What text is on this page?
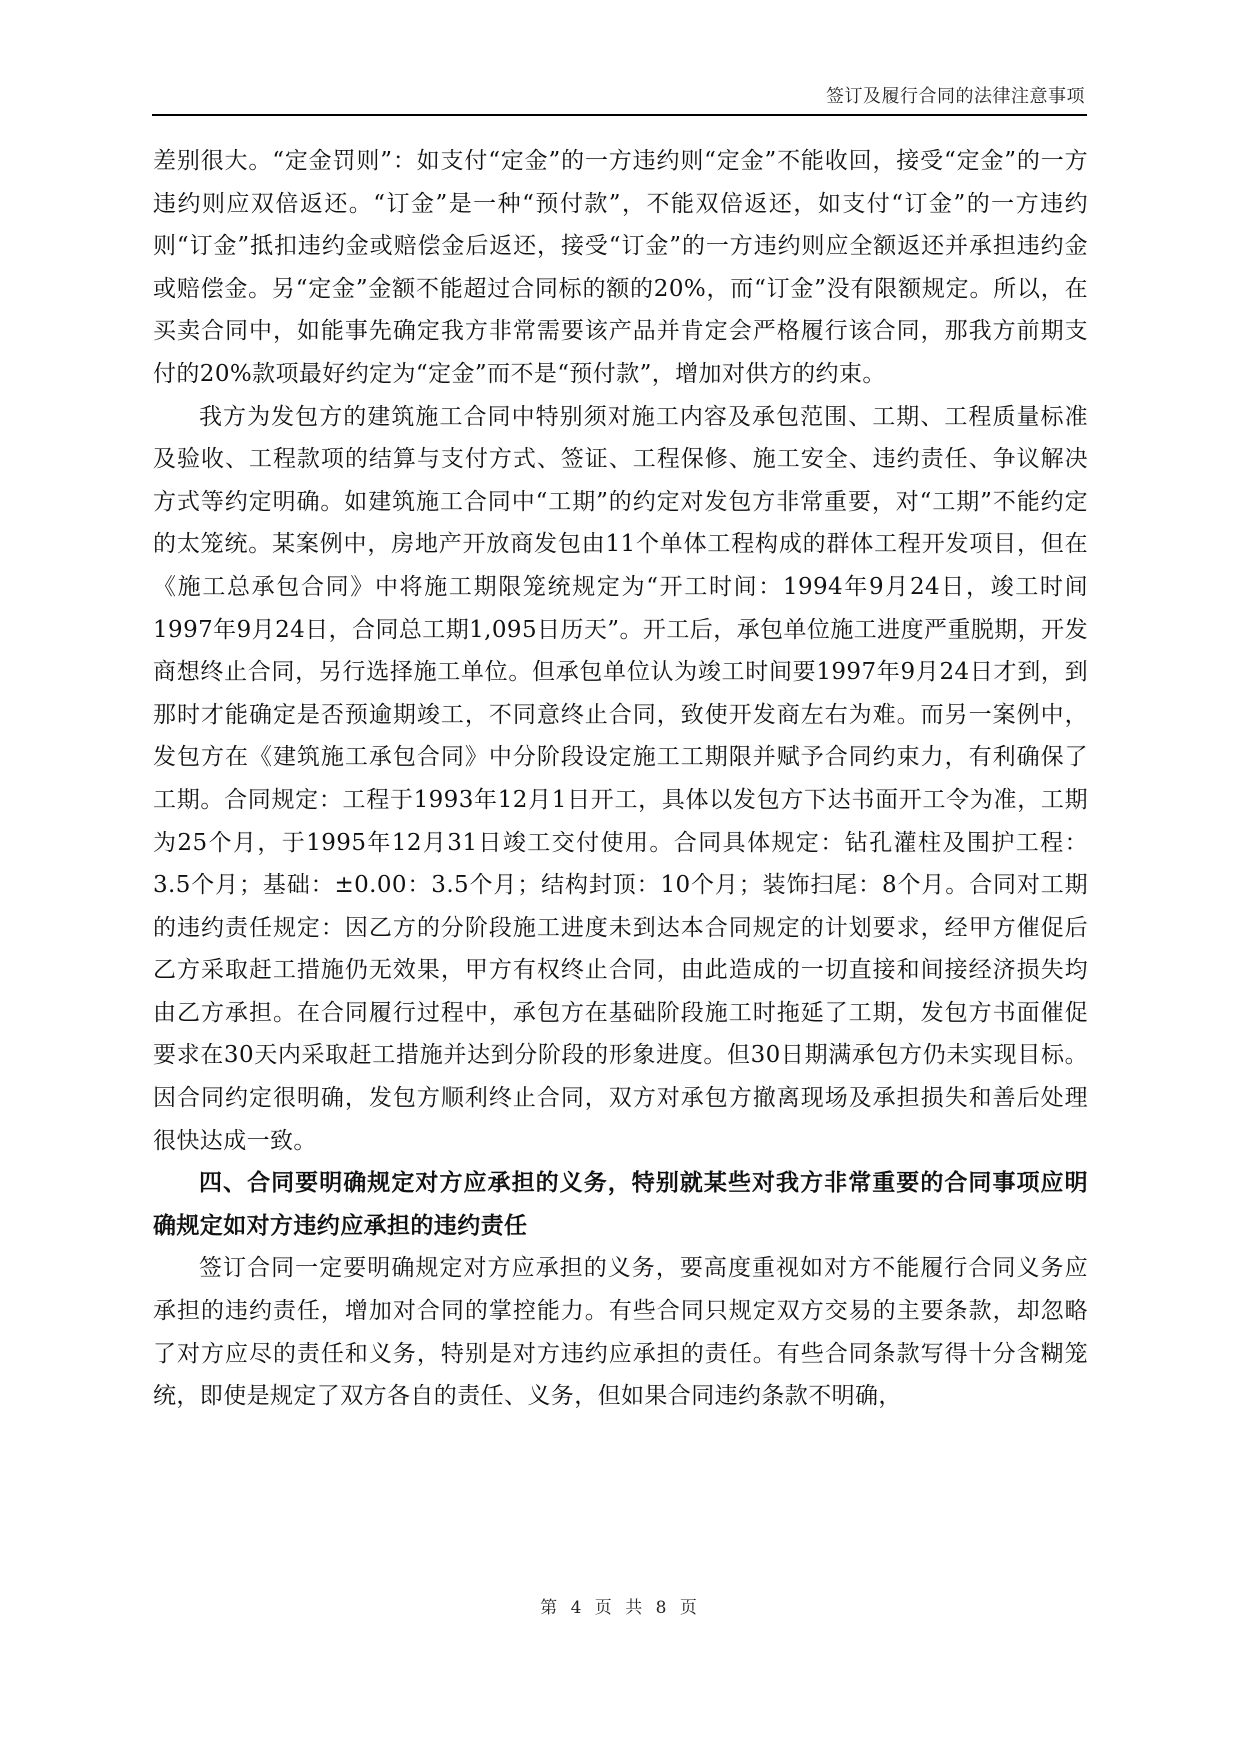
签订及履行合同的法律注意事项

差别很大。“定金罚则”：如支付“定金”的一方违约则“定金”不能收回，接受“定金”的一方违约则应双倍返还。“订金”是一种“预付款”，不能双倍返还，如支付“订金”的一方违约则“订金”抵扣违约金或赔偿金后返还，接受“订金”的一方违约则应全额返还并承担违约金或赔偿金。另“定金”金额不能超过合同标的额的20%，而“订金”没有限额规定。所以，在买卖合同中，如能事先确定我方非常需要该产品并肯定会严格履行该合同，那我方前期支付的20%款项最好约定为“定金”而不是“预付款”，增加对供方的约束。

我方为发包方的建筑施工合同中特别须对施工内容及承包范围、工期、工程质量标准及验收、工程款项的结算与支付方式、签证、工程保修、施工安全、违约责任、争议解决方式等约定明确。如建筑施工合同中“工期”的约定对发包方非常重要，对“工期”不能约定的太笼统。某案例中，房地产开放商发包由11个单体工程构成的群体工程开发项目，但在《施工总承包合同》中将施工期限笼统规定为“开工时间：1994年9月24日，竣工时间1997年9月24日，合同总工期1,095日历天”。开工后，承包单位施工进度严重脱期，开发商想终止合同，另行选择施工单位。但承包单位认为竣工时间要1997年9月24日才到，到那时才能确定是否预逾期竣工，不同意终止合同，致使开发商左右为难。而另一案例中，发包方在《建筑施工承包合同》中分阶段设定施工工期限并赋予合同约束力，有利确保了工期。合同规定：工程于1993年12月1日开工，具体以发包方下达书面开工令为准，工期为25个月，于1995年12月31日竣工交付使用。合同具体规定：钻孔灌柱及围护工程：3.5个月；基础：±0.00：3.5个月；结构封顶：10个月；装饰扫尾：8个月。合同对工期的违约责任规定：因乙方的分阶段施工进度未到达本合同规定的计划要求，经甲方催促后乙方采取赶工措施仍无效果，甲方有权终止合同，由此造成的一切直接和间接经济损失均由乙方承担。在合同履行过程中，承包方在基础阶段施工时拖延了工期，发包方书面催促要求在30天内采取赶工措施并达到分阶段的形象进度。但30日期满承包方仍未实现目标。因合同约定很明确，发包方顺利终止合同，双方对承包方撤离现场及承担损失和善后处理很快达成一致。

四、合同要明确规定对方应承担的义务，特别就某些对我方非常重要的合同事项应明确规定如对方违约应承担的违约责任

签订合同一定要明确规定对方应承担的义务，要高度重视如对方不能履行合同义务应承担的违约责任，增加对合同的掌控能力。有些合同只规定双方交易的主要条款，却忽略了对方应尽的责任和义务，特别是对方违约应承担的责任。有些合同条款写得十分含糊笼统，即使是规定了双方各自的责任、义务，但如果合同违约条款不明确，

第 4 页 共 8 页
